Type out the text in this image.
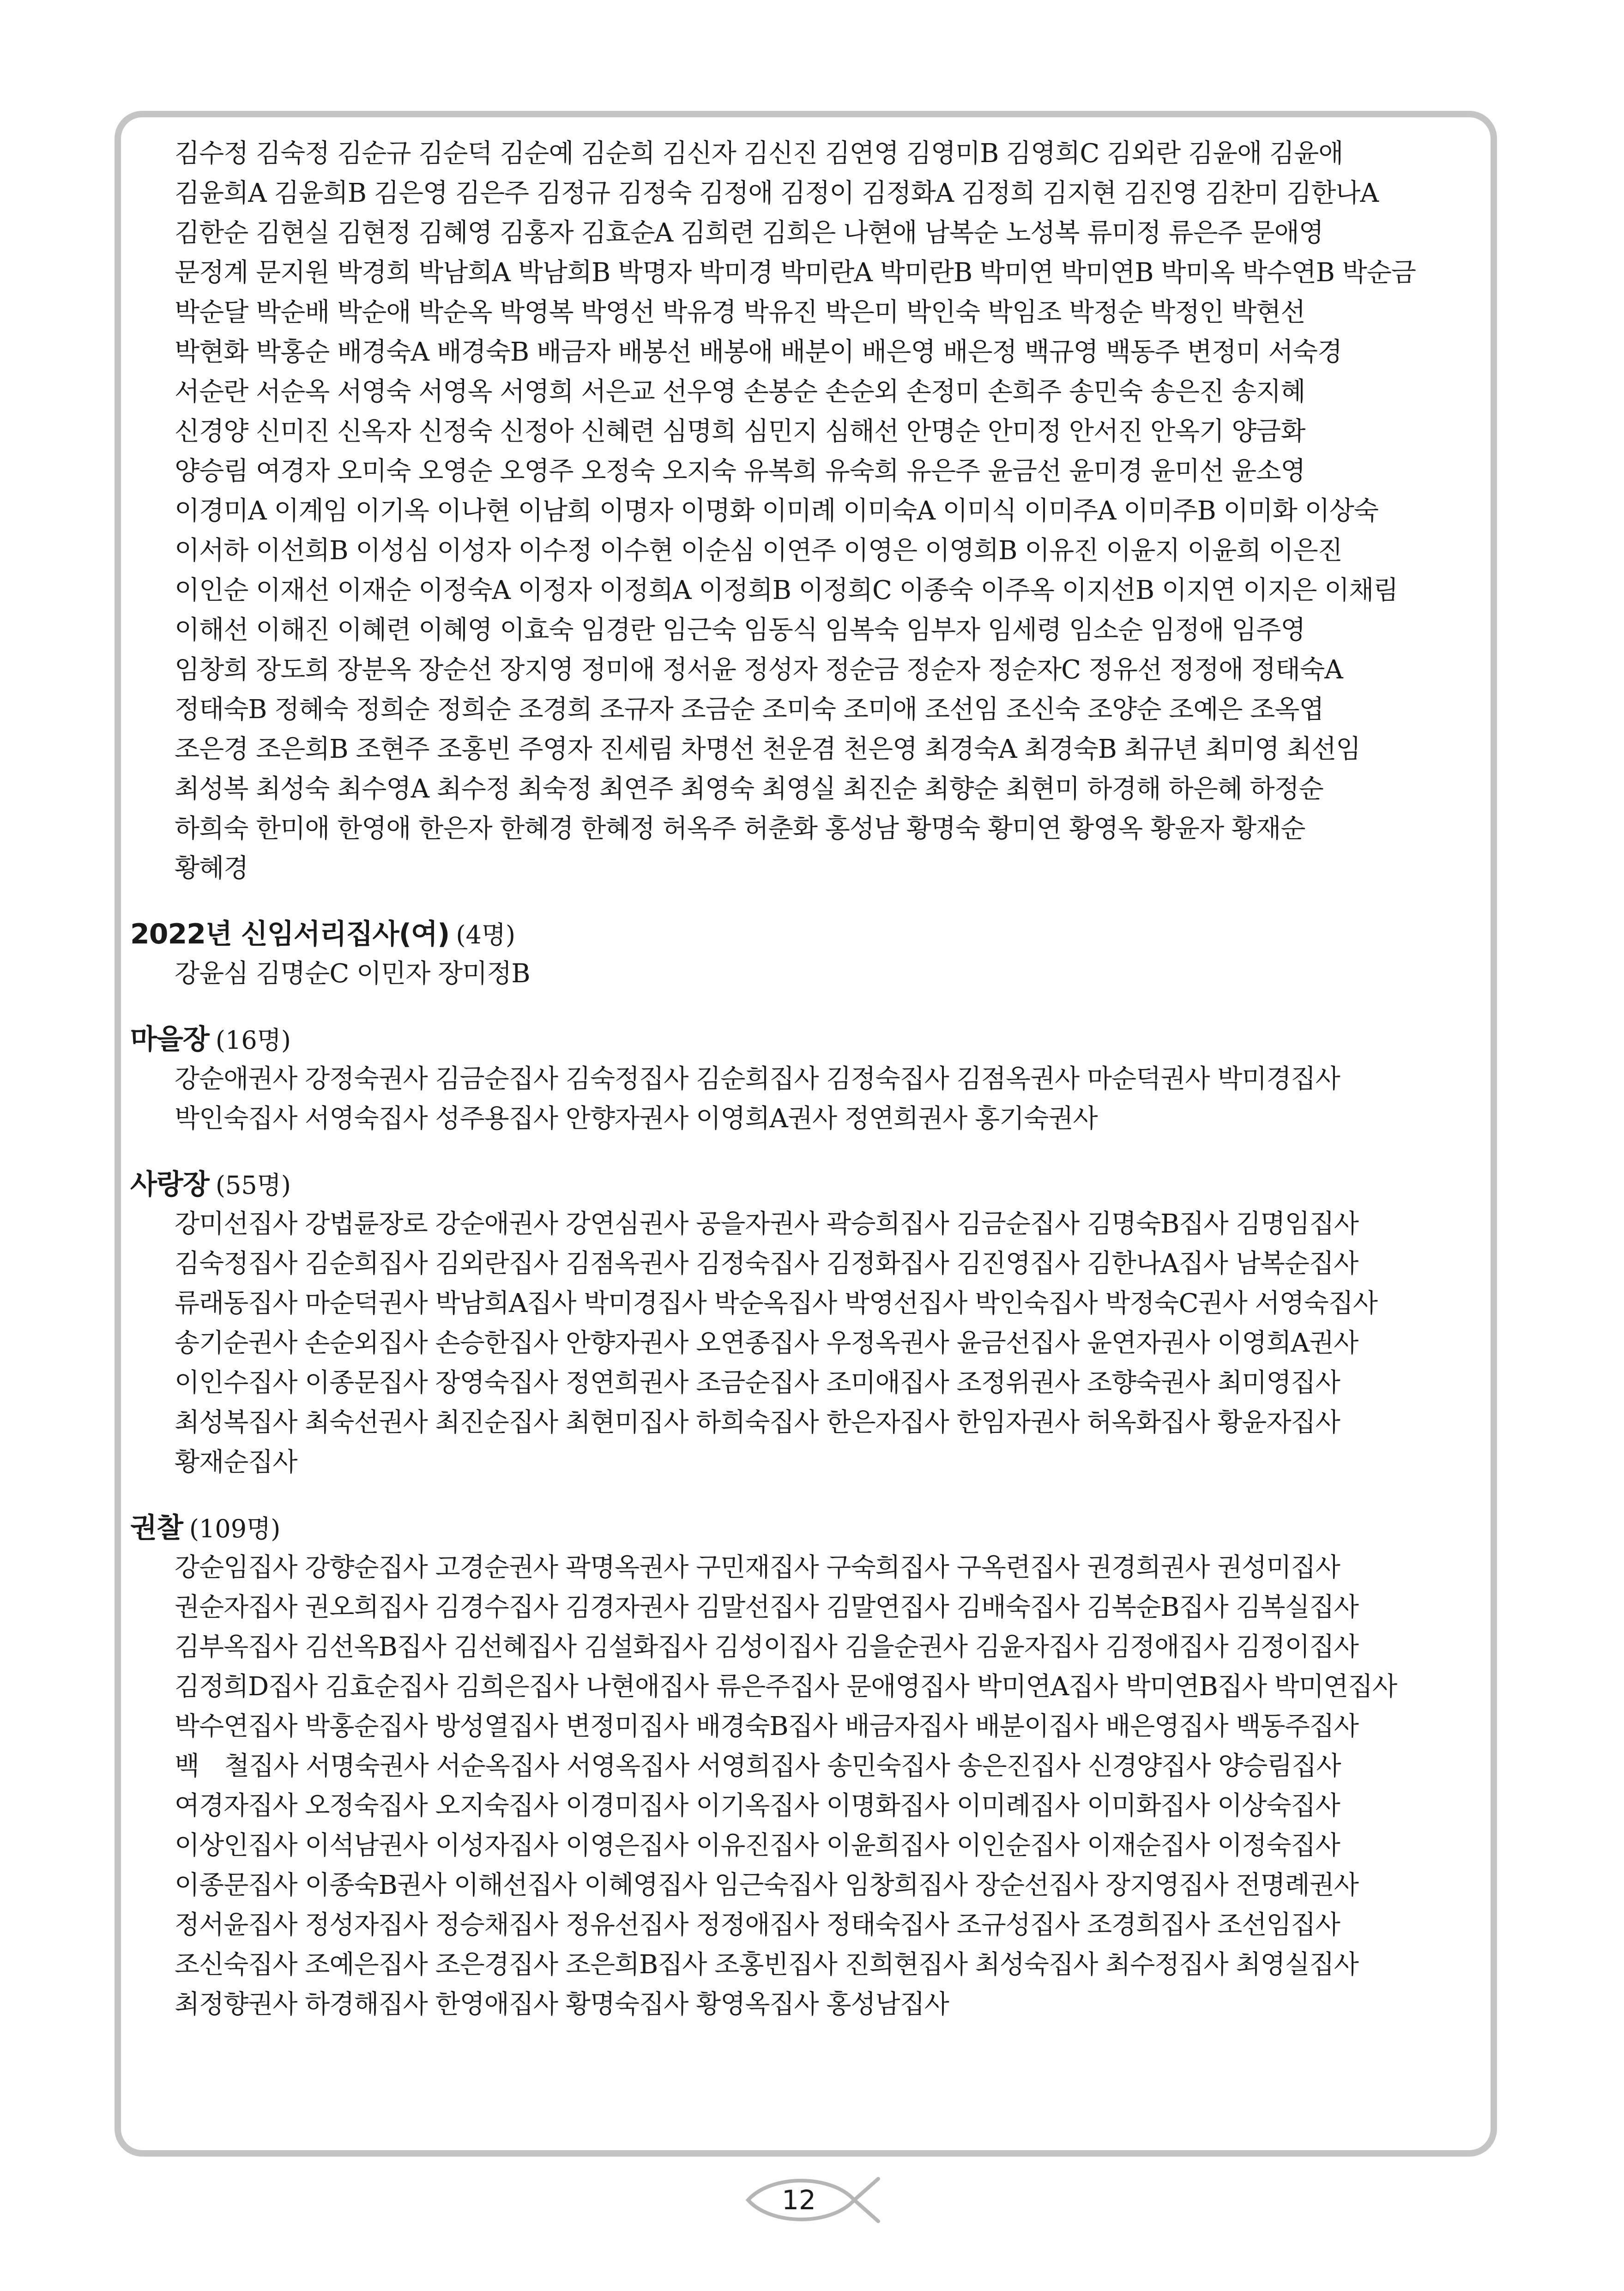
김수정 김숙정 김순규 김순덕 김순예 김순희 김신자 김신진 김연영 김영미B 김영희C 김외란 김윤애 김윤애
김윤희A 김윤희B 김은영 김은주 김정규 김정숙 김정애 김정이 김정화A 김정희 김지현 김진영 김찬미 김한나A
김한순 김현실 김현정 김혜영 김홍자 김효순A 김희련 김희은 나현애 남복순 노성복 류미정 류은주 문애영
문정계 문지원 박경희 박남희A 박남희B 박명자 박미경 박미란A 박미란B 박미연 박미연B 박미옥 박수연B 박순금
박순달 박순배 박순애 박순옥 박영복 박영선 박유경 박유진 박은미 박인숙 박임조 박정순 박정인 박현선
박현화 박홍순 배경숙A 배경숙B 배금자 배봉선 배봉애 배분이 배은영 배은정 백규영 백동주 변정미 서숙경
서순란 서순옥 서영숙 서영옥 서영희 서은교 선우영 손봉순 손순외 손정미 손희주 송민숙 송은진 송지혜
신경양 신미진 신옥자 신정숙 신정아 신혜련 심명희 심민지 심해선 안명순 안미정 안서진 안옥기 양금화
양승림 여경자 오미숙 오영순 오영주 오정숙 오지숙 유복희 유숙희 유은주 윤금선 윤미경 윤미선 윤소영
이경미A 이계임 이기옥 이나현 이남희 이명자 이명화 이미례 이미숙A 이미식 이미주A 이미주B 이미화 이상숙
이서하 이선희B 이성심 이성자 이수정 이수현 이순심 이연주 이영은 이영희B 이유진 이윤지 이윤희 이은진
이인순 이재선 이재순 이정숙A 이정자 이정희A 이정희B 이정희C 이종숙 이주옥 이지선B 이지연 이지은 이채림
이해선 이해진 이혜련 이혜영 이효숙 임경란 임근숙 임동식 임복숙 임부자 임세령 임소순 임정애 임주영
임창희 장도희 장분옥 장순선 장지영 정미애 정서윤 정성자 정순금 정순자 정순자C 정유선 정정애 정태숙A
정태숙B 정혜숙 정희순 정희순 조경희 조규자 조금순 조미숙 조미애 조선임 조신숙 조양순 조예은 조옥엽
조은경 조은희B 조현주 조홍빈 주영자 진세림 차명선 천운겸 천은영 최경숙A 최경숙B 최규년 최미영 최선임
최성복 최성숙 최수영A 최수정 최숙정 최연주 최영숙 최영실 최진순 최향순 최현미 하경해 하은혜 하정순
하희숙 한미애 한영애 한은자 한혜경 한혜정 허옥주 허춘화 홍성남 황명숙 황미연 황영옥 황윤자 황재순
황혜경
2022년 신임서리집사(여) (4명)
강윤심 김명순C 이민자 장미정B
마을장 (16명)
강순애권사 강정숙권사 김금순집사 김숙정집사 김순희집사 김정숙집사 김점옥권사 마순덕권사 박미경집사
박인숙집사 서영숙집사 성주용집사 안향자권사 이영희A권사 정연희권사 홍기숙권사
사랑장 (55명)
강미선집사 강법륜장로 강순애권사 강연심권사 공을자권사 곽승희집사 김금순집사 김명숙B집사 김명임집사
김숙정집사 김순희집사 김외란집사 김점옥권사 김정숙집사 김정화집사 김진영집사 김한나A집사 남복순집사
류래동집사 마순덕권사 박남희A집사 박미경집사 박순옥집사 박영선집사 박인숙집사 박정숙C권사 서영숙집사
송기순권사 손순외집사 손승한집사 안향자권사 오연종집사 우정옥권사 윤금선집사 윤연자권사 이영희A권사
이인수집사 이종문집사 장영숙집사 정연희권사 조금순집사 조미애집사 조정위권사 조향숙권사 최미영집사
최성복집사 최숙선권사 최진순집사 최현미집사 하희숙집사 한은자집사 한임자권사 허옥화집사 황윤자집사
황재순집사
권찰 (109명)
강순임집사 강향순집사 고경순권사 곽명옥권사 구민재집사 구숙희집사 구옥련집사 권경희권사 권성미집사
권순자집사 권오희집사 김경수집사 김경자권사 김말선집사 김말연집사 김배숙집사 김복순B집사 김복실집사
김부옥집사 김선옥B집사 김선혜집사 김설화집사 김성이집사 김을순권사 김윤자집사 김정애집사 김정이집사
김정희D집사 김효순집사 김희은집사 나현애집사 류은주집사 문애영집사 박미연A집사 박미연B집사 박미연집사
박수연집사 박홍순집사 방성열집사 변정미집사 배경숙B집사 배금자집사 배분이집사 배은영집사 백동주집사
백　철집사 서명숙권사 서순옥집사 서영옥집사 서영희집사 송민숙집사 송은진집사 신경양집사 양승림집사
여경자집사 오정숙집사 오지숙집사 이경미집사 이기옥집사 이명화집사 이미례집사 이미화집사 이상숙집사
이상인집사 이석남권사 이성자집사 이영은집사 이유진집사 이윤희집사 이인순집사 이재순집사 이정숙집사
이종문집사 이종숙B권사 이해선집사 이혜영집사 임근숙집사 임창희집사 장순선집사 장지영집사 전명례권사
정서윤집사 정성자집사 정승채집사 정유선집사 정정애집사 정태숙집사 조규성집사 조경희집사 조선임집사
조신숙집사 조예은집사 조은경집사 조은희B집사 조홍빈집사 진희현집사 최성숙집사 최수정집사 최영실집사
최정향권사 하경해집사 한영애집사 황명숙집사 황영옥집사 홍성남집사
12
